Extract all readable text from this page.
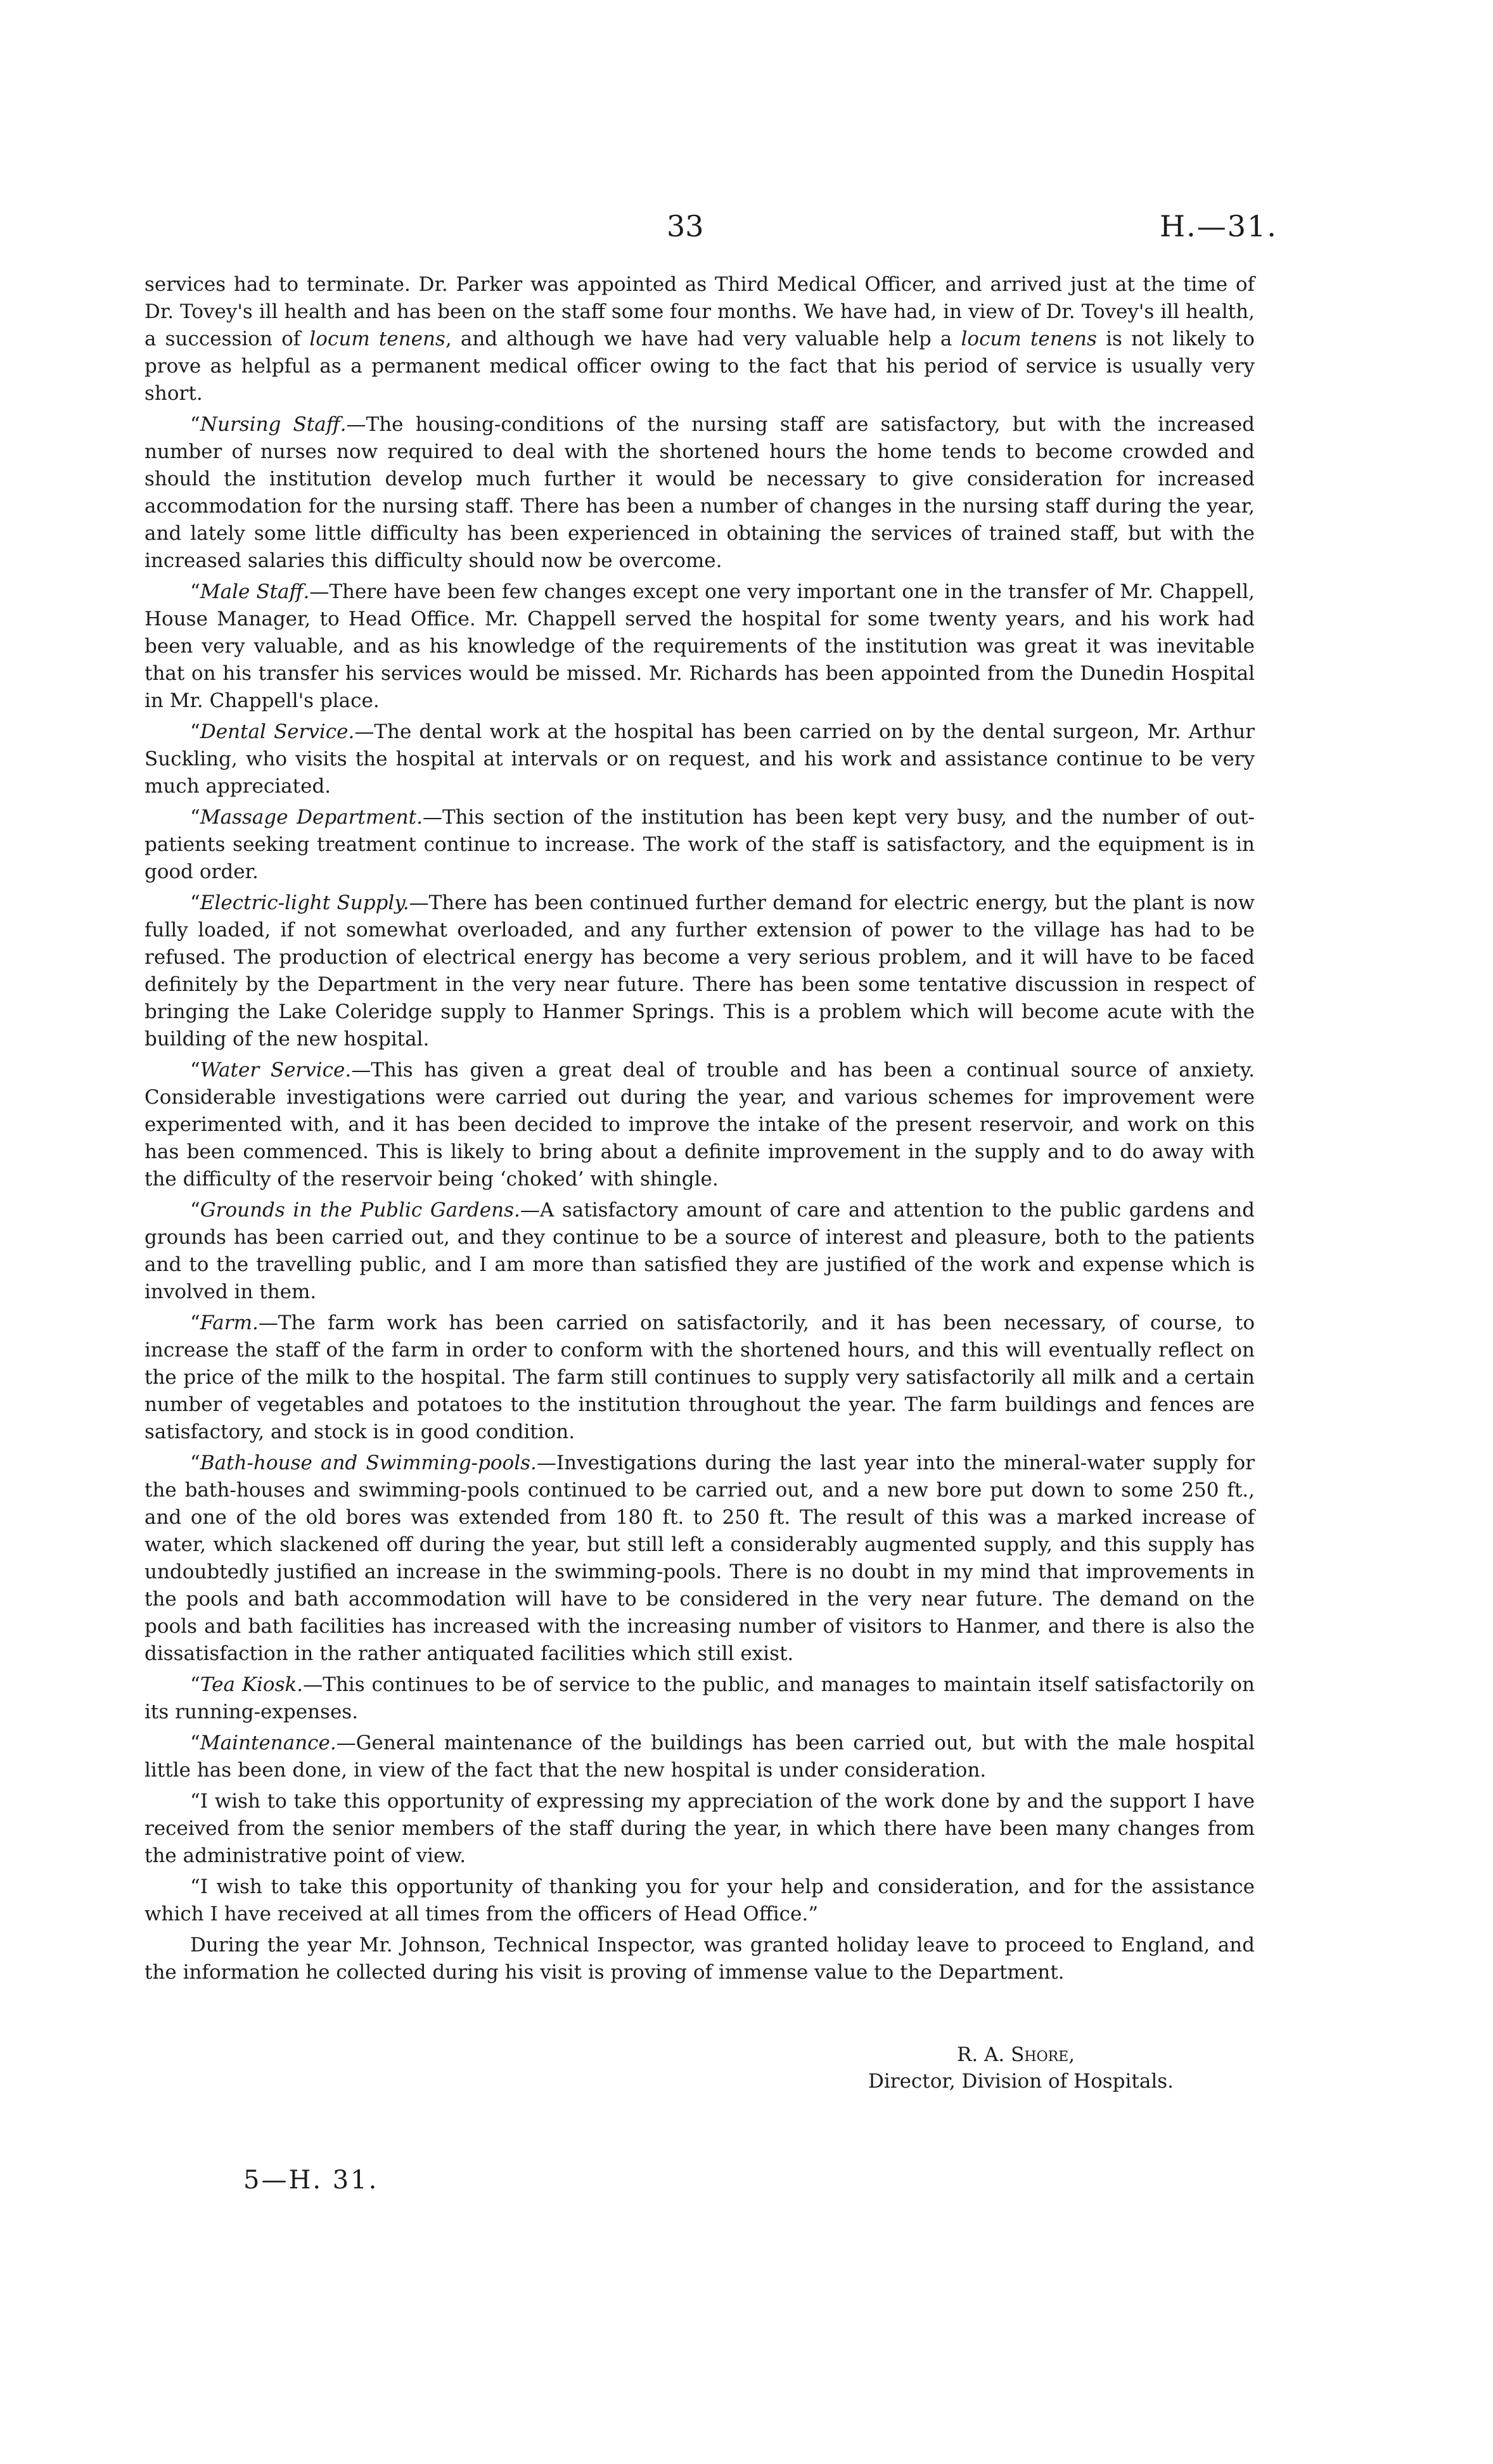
33	H.—31.

services had to terminate. Dr. Parker was appointed as Third Medical Officer, and arrived just at the time of Dr. Tovey's ill health and has been on the staff some four months. We have had, in view of Dr. Tovey's ill health, a succession of locum tenens, and although we have had very valuable help a locum tenens is not likely to prove as helpful as a permanent medical officer owing to the fact that his period of service is usually very short.

“Nursing Staff.—The housing-conditions of the nursing staff are satisfactory, but with the increased number of nurses now required to deal with the shortened hours the home tends to become crowded and should the institution develop much further it would be necessary to give consideration for increased accommodation for the nursing staff. There has been a number of changes in the nursing staff during the year, and lately some little difficulty has been experienced in obtaining the services of trained staff, but with the increased salaries this difficulty should now be overcome.

“Male Staff.—There have been few changes except one very important one in the transfer of Mr. Chappell, House Manager, to Head Office. Mr. Chappell served the hospital for some twenty years, and his work had been very valuable, and as his knowledge of the requirements of the institution was great it was inevitable that on his transfer his services would be missed. Mr. Richards has been appointed from the Dunedin Hospital in Mr. Chappell's place.

“Dental Service.—The dental work at the hospital has been carried on by the dental surgeon, Mr. Arthur Suckling, who visits the hospital at intervals or on request, and his work and assistance continue to be very much appreciated.

“Massage Department.—This section of the institution has been kept very busy, and the number of out-patients seeking treatment continue to increase. The work of the staff is satisfactory, and the equipment is in good order.

“Electric-light Supply.—There has been continued further demand for electric energy, but the plant is now fully loaded, if not somewhat overloaded, and any further extension of power to the village has had to be refused. The production of electrical energy has become a very serious problem, and it will have to be faced definitely by the Department in the very near future. There has been some tentative discussion in respect of bringing the Lake Coleridge supply to Hanmer Springs. This is a problem which will become acute with the building of the new hospital.

“Water Service.—This has given a great deal of trouble and has been a continual source of anxiety. Considerable investigations were carried out during the year, and various schemes for improvement were experimented with, and it has been decided to improve the intake of the present reservoir, and work on this has been commenced. This is likely to bring about a definite improvement in the supply and to do away with the difficulty of the reservoir being ‘choked’ with shingle.

“Grounds in the Public Gardens.—A satisfactory amount of care and attention to the public gardens and grounds has been carried out, and they continue to be a source of interest and pleasure, both to the patients and to the travelling public, and I am more than satisfied they are justified of the work and expense which is involved in them.

“Farm.—The farm work has been carried on satisfactorily, and it has been necessary, of course, to increase the staff of the farm in order to conform with the shortened hours, and this will eventually reflect on the price of the milk to the hospital. The farm still continues to supply very satisfactorily all milk and a certain number of vegetables and potatoes to the institution throughout the year. The farm buildings and fences are satisfactory, and stock is in good condition.

“Bath-house and Swimming-pools.—Investigations during the last year into the mineral-water supply for the bath-houses and swimming-pools continued to be carried out, and a new bore put down to some 250 ft., and one of the old bores was extended from 180 ft. to 250 ft. The result of this was a marked increase of water, which slackened off during the year, but still left a considerably augmented supply, and this supply has undoubtedly justified an increase in the swimming-pools. There is no doubt in my mind that improvements in the pools and bath accommodation will have to be considered in the very near future. The demand on the pools and bath facilities has increased with the increasing number of visitors to Hanmer, and there is also the dissatisfaction in the rather antiquated facilities which still exist.

“Tea Kiosk.—This continues to be of service to the public, and manages to maintain itself satisfactorily on its running-expenses.

“Maintenance.—General maintenance of the buildings has been carried out, but with the male hospital little has been done, in view of the fact that the new hospital is under consideration.

“I wish to take this opportunity of expressing my appreciation of the work done by and the support I have received from the senior members of the staff during the year, in which there have been many changes from the administrative point of view.

“I wish to take this opportunity of thanking you for your help and consideration, and for the assistance which I have received at all times from the officers of Head Office.”

During the year Mr. Johnson, Technical Inspector, was granted holiday leave to proceed to England, and the information he collected during his visit is proving of immense value to the Department.

R. A. Shore,
Director, Division of Hospitals.
5—H. 31.
